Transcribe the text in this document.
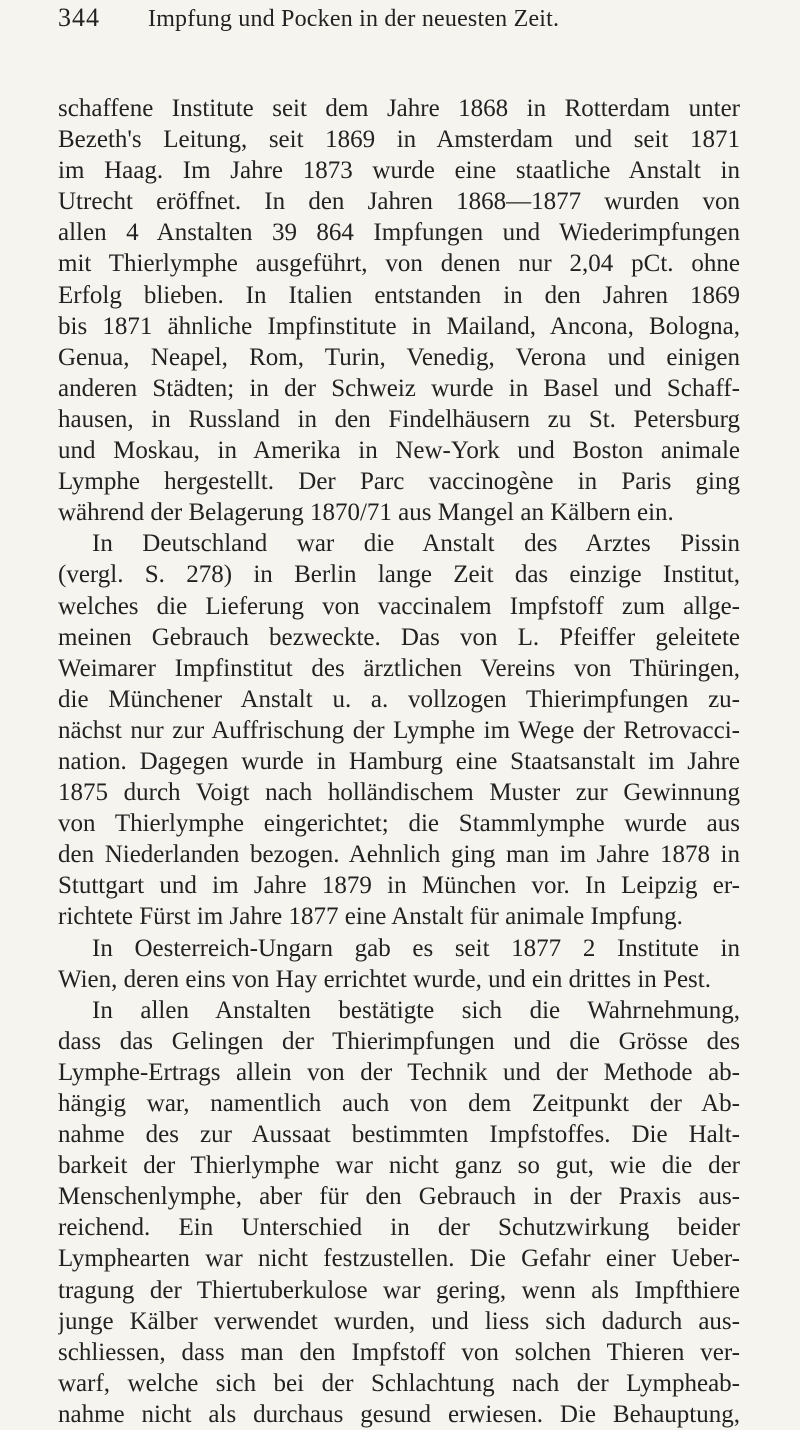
344 Impfung und Pocken in der neuesten Zeit.
schaffene Institute seit dem Jahre 1868 in Rotterdam unter
Bezeth's Leitung, seit 1869 in Amsterdam und seit 1871
im Haag. Im Jahre 1873 wurde eine staatliche Anstalt in
Utrecht eröffnet. In den Jahren 1868—1877 wurden von
allen 4 Anstalten 39 864 Impfungen und Wiederimpfungen
mit Thierlymphe ausgeführt, von denen nur 2,04 pCt. ohne
Erfolg blieben. In Italien entstanden in den Jahren 1869
bis 1871 ähnliche Impfinstitute in Mailand, Ancona, Bologna,
Genua, Neapel, Rom, Turin, Venedig, Verona und einigen
anderen Städten; in der Schweiz wurde in Basel und Schaff-
hausen, in Russland in den Findelhäusern zu St. Petersburg
und Moskau, in Amerika in New-York und Boston animale
Lymphe hergestellt. Der Parc vaccinogène in Paris ging
während der Belagerung 1870/71 aus Mangel an Kälbern ein.
In Deutschland war die Anstalt des Arztes Pissin
(vergl. S. 278) in Berlin lange Zeit das einzige Institut,
welches die Lieferung von vaccinalem Impfstoff zum allge-
meinen Gebrauch bezweckte. Das von L. Pfeiffer geleitete
Weimarer Impfinstitut des ärztlichen Vereins von Thüringen,
die Münchener Anstalt u. a. vollzogen Thierimpfungen zu-
nächst nur zur Auffrischung der Lymphe im Wege der Retrovacci-
nation. Dagegen wurde in Hamburg eine Staatsanstalt im Jahre
1875 durch Voigt nach holländischem Muster zur Gewinnung
von Thierlymphe eingerichtet; die Stammlymphe wurde aus
den Niederlanden bezogen. Aehnlich ging man im Jahre 1878 in
Stuttgart und im Jahre 1879 in München vor. In Leipzig er-
richtete Fürst im Jahre 1877 eine Anstalt für animale Impfung.
In Oesterreich-Ungarn gab es seit 1877 2 Institute in
Wien, deren eins von Hay errichtet wurde, und ein drittes in Pest.
In allen Anstalten bestätigte sich die Wahrnehmung,
dass das Gelingen der Thierimpfungen und die Grösse des
Lymphe-Ertrags allein von der Technik und der Methode ab-
hängig war, namentlich auch von dem Zeitpunkt der Ab-
nahme des zur Aussaat bestimmten Impfstoffes. Die Halt-
barkeit der Thierlymphe war nicht ganz so gut, wie die der
Menschenlymphe, aber für den Gebrauch in der Praxis aus-
reichend. Ein Unterschied in der Schutzwirkung beider
Lymphearten war nicht festzustellen. Die Gefahr einer Ueber-
tragung der Thiertuberkulose war gering, wenn als Impfthiere
junge Kälber verwendet wurden, und liess sich dadurch aus-
schliessen, dass man den Impfstoff von solchen Thieren ver-
warf, welche sich bei der Schlachtung nach der Lympheab-
nahme nicht als durchaus gesund erwiesen. Die Behauptung,
